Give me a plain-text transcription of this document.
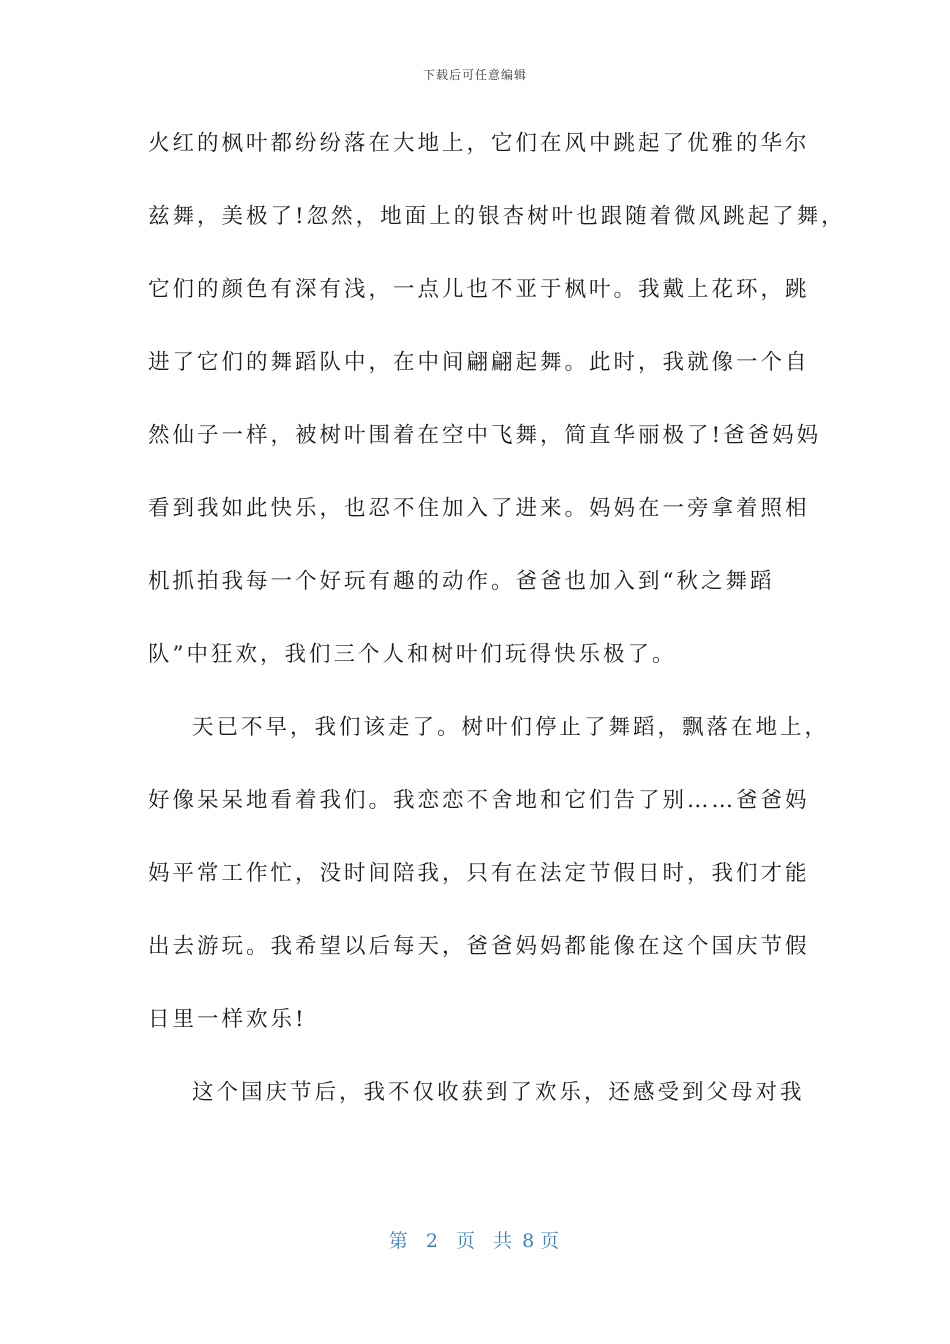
下载后可任意编辑
火红的枫叶都纷纷落在大地上，它们在风中跳起了优雅的华尔
兹舞，美极了!忽然，地面上的银杏树叶也跟随着微风跳起了舞，
它们的颜色有深有浅，一点儿也不亚于枫叶。我戴上花环，跳
进了它们的舞蹈队中，在中间翩翩起舞。此时，我就像一个自
然仙子一样，被树叶围着在空中飞舞，简直华丽极了!爸爸妈妈
看到我如此快乐，也忍不住加入了进来。妈妈在一旁拿着照相
机抓拍我每一个好玩有趣的动作。爸爸也加入到“秋之舞蹈
队”中狂欢，我们三个人和树叶们玩得快乐极了。
天已不早，我们该走了。树叶们停止了舞蹈，飘落在地上，
好像呆呆地看着我们。我恋恋不舍地和它们告了别……爸爸妈
妈平常工作忙，没时间陪我，只有在法定节假日时，我们才能
出去游玩。我希望以后每天，爸爸妈妈都能像在这个国庆节假
日里一样欢乐!
这个国庆节后，我不仅收获到了欢乐，还感受到父母对我
第 2 页 共 8 页
